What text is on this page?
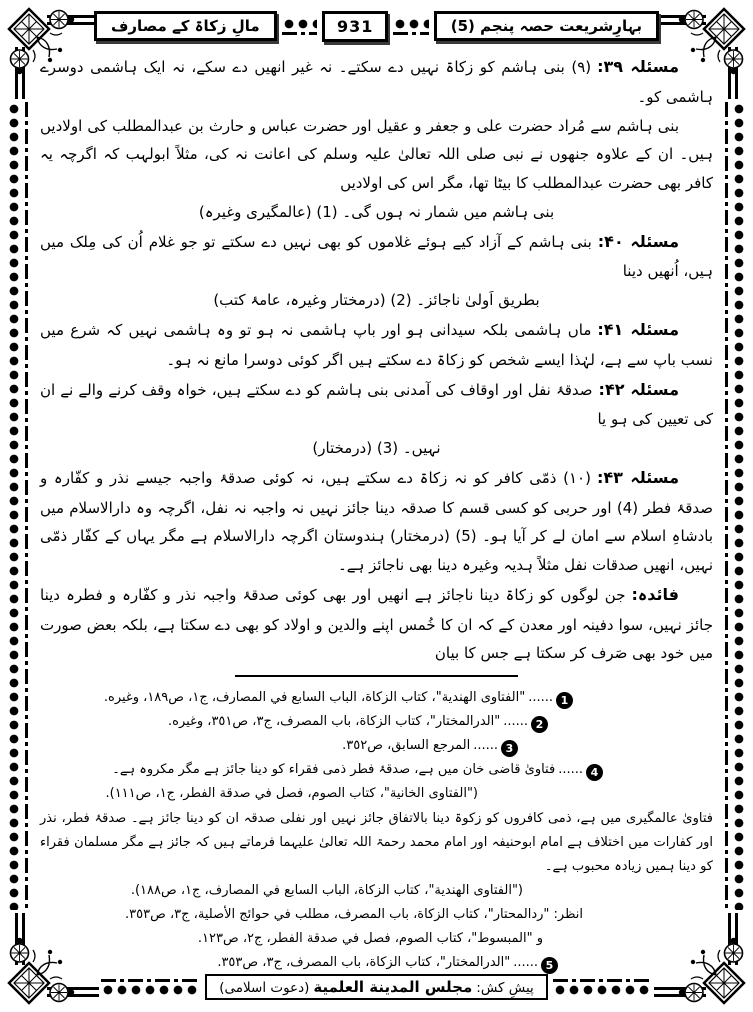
بہارِشریعت حصہ پنجم (5)
931
مالِ زکاۃ کے مصارف
مسئلہ ۳۹:(۹) بنی ہاشم کو زکاۃ نہیں دے سکتے۔ نہ غیر انھیں دے سکے، نہ ایک ہاشمی دوسرے ہاشمی کو۔
بنی ہاشم سے مُراد حضرت علی و جعفر و عقیل اور حضرت عباس و حارث بن عبدالمطلب کی اولادیں ہیں۔ ان کے علاوہ جنھوں نے نبی صلی اللہ تعالیٰ علیہ وسلم کی اعانت نہ کی، مثلاً ابولہب کہ اگرچہ یہ کافر بھی حضرت عبدالمطلب کا بیٹا تھا، مگر اس کی اولادیں
بنی ہاشم میں شمار نہ ہوں گی۔ (1) (عالمگیری وغیرہ)
مسئلہ ۴۰:بنی ہاشم کے آزاد کیے ہوئے غلاموں کو بھی نہیں دے سکتے تو جو غلام اُن کی مِلک میں ہیں، اُنھیں دینا
بطریق اَولیٰ ناجائز۔ (2) (درمختار وغیرہ، عامۂ کتب)
مسئلہ ۴۱:ماں ہاشمی بلکہ سیدانی ہو اور باپ ہاشمی نہ ہو تو وہ ہاشمی نہیں کہ شرع میں نسب باپ سے ہے، لہٰذا ایسے شخص کو زکاۃ دے سکتے ہیں اگر کوئی دوسرا مانع نہ ہو۔
مسئلہ ۴۲:صدقۂ نفل اور اوقاف کی آمدنی بنی ہاشم کو دے سکتے ہیں، خواہ وقف کرنے والے نے ان کی تعیین کی ہو یا
نہیں۔ (3) (درمختار)
مسئلہ ۴۳:(۱۰) ذمّی کافر کو نہ زکاۃ دے سکتے ہیں، نہ کوئی صدقۂ واجبہ جیسے نذر و کفّارہ و صدقۂ فطر (4) اور حربی کو کسی قسم کا صدقہ دینا جائز نہیں نہ واجبہ نہ نفل، اگرچہ وہ دارالاسلام میں بادشاہِ اسلام سے امان لے کر آیا ہو۔ (5) (درمختار) ہندوستان اگرچہ دارالاسلام ہے مگر یہاں کے کفّار ذمّی نہیں، انھیں صدقات نفل مثلاً ہدیہ وغیرہ دینا بھی ناجائز ہے۔
فائدہ:جن لوگوں کو زکاۃ دینا ناجائز ہے انھیں اور بھی کوئی صدقۂ واجبہ نذر و کفّارہ و فطرہ دینا جائز نہیں، سوا دفینہ اور معدن کے کہ ان کا خُمس اپنے والدین و اولاد کو بھی دے سکتا ہے، بلکہ بعض صورت میں خود بھی صَرف کر سکتا ہے جس کا بیان
1......"الفتاوى الهندية"، كتاب الزكاة، الباب السابع في المصارف، ج١، ص١٨٩، وغيره.
2......"الدرالمختار"، كتاب الزكاة، باب المصرف، ج٣، ص٣٥١، وغيره.
3......المرجع السابق، ص٣٥٢.
4......فتاویٰ قاضی خان میں ہے، صدقۂ فطر ذمی فقراء کو دینا جائز ہے مگر مکروہ ہے۔
("الفتاوى الخانية"، كتاب الصوم، فصل في صدقة الفطر، ج١، ص١١١).
فتاویٰ عالمگیری میں ہے، ذمی کافروں کو زکوۃ دینا بالاتفاق جائز نہیں اور نفلی صدقہ ان کو دینا جائز ہے۔ صدقۂ فطر، نذر اور کفارات میں اختلاف ہے امام ابوحنیفہ اور امام محمد رحمۃ اللہ تعالیٰ علیہما فرماتے ہیں کہ جائز ہے مگر مسلمان فقراء کو دینا ہمیں زیادہ محبوب ہے۔
("الفتاوى الهندية"، كتاب الزكاة، الباب السابع في المصارف، ج١، ص١٨٨).
انظر: "ردالمحتار"، كتاب الزكاة، باب المصرف، مطلب في حوائج الأصلية، ج٣، ص٣٥٣.
و "المبسوط"، كتاب الصوم، فصل في صدقة الفطر، ج٢، ص١٢٣.
5......"الدرالمختار"، كتاب الزكاة، باب المصرف، ج٣، ص٣٥٣.
پیشِ کش:مجلس المدینة العلمیة(دعوت اسلامی)
